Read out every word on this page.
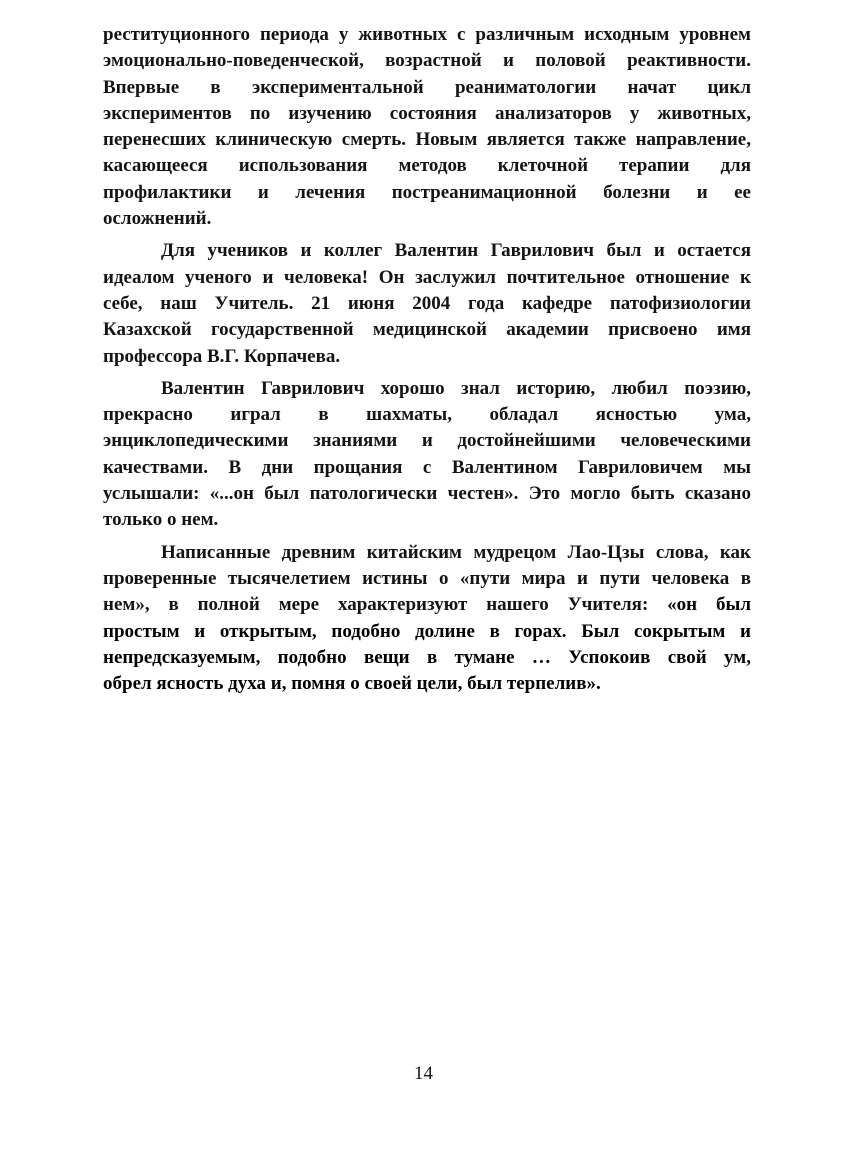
реституционного периода у животных с различным исходным уровнем
эмоционально-поведенческой, возрастной и половой реактивности.
Впервые в экспериментальной реаниматологии начат цикл
экспериментов по изучению состояния анализаторов у животных,
перенесших клиническую смерть. Новым является также направление,
касающееся использования методов клеточной терапии для
профилактики и лечения постреанимационной болезни и ее
осложнений.

Для учеников и коллег Валентин Гаврилович был и остается
идеалом ученого и человека! Он заслужил почтительное отношение к
себе, наш Учитель. 21 июня 2004 года кафедре патофизиологии
Казахской государственной медицинской академии присвоено имя
профессора В.Г. Корпачева.

Валентин Гаврилович хорошо знал историю, любил поэзию,
прекрасно играл в шахматы, обладал ясностью ума,
энциклопедическими знаниями и достойнейшими человеческими
качествами. В дни прощания с Валентином Гавриловичем мы
услышали: «...он был патологически честен». Это могло быть сказано
только о нем.

Написанные древним китайским мудрецом Лао-Цзы слова, как
проверенные тысячелетием истины о «пути мира и пути человека в
нем», в полной мере характеризуют нашего Учителя: «он был
простым и открытым, подобно долине в горах. Был сокрытым и
непредсказуемым, подобно вещи в тумане … Успокоив свой ум,
обрел ясность духа и, помня о своей цели, был терпелив».

14
